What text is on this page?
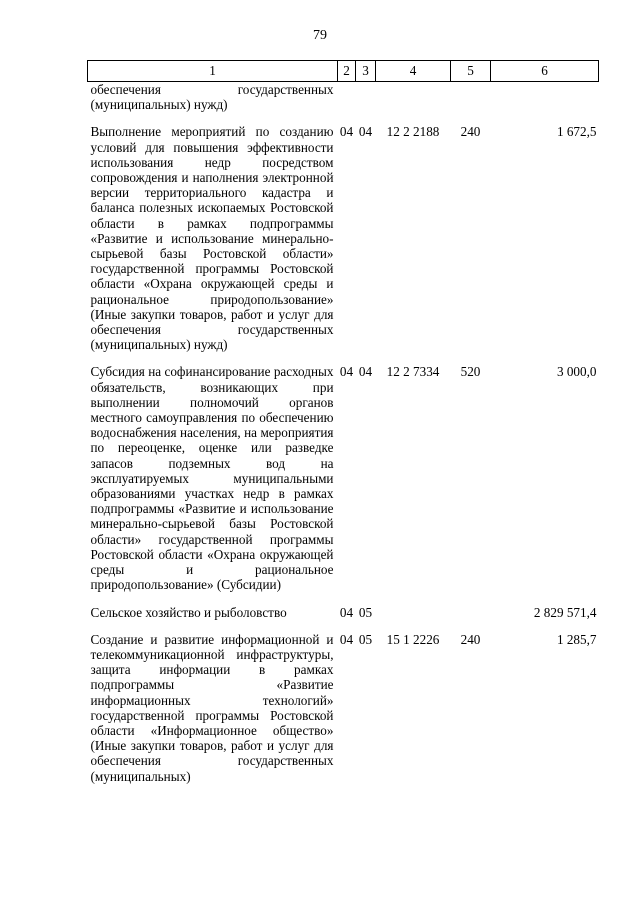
79
1	2	3	4	5	6
обеспечения государственных (муниципальных) нужд)					
Выполнение мероприятий по созданию условий для повышения эффективности использования недр посредством сопровождения и наполнения электронной версии территориального кадастра и баланса полезных ископаемых Ростовской области в рамках подпрограммы «Развитие и использование минерально-сырьевой базы Ростовской области» государственной программы Ростовской области «Охрана окружающей среды и рациональное природопользование» (Иные закупки товаров, работ и услуг для обеспечения государственных (муниципальных) нужд)	04	04	12 2 2188	240	1 672,5
Субсидия на софинансирование расходных обязательств, возникающих при выполнении полномочий органов местного самоуправления по обеспечению водоснабжения населения, на мероприятия по переоценке, оценке или разведке запасов подземных вод на эксплуатируемых муниципальными образованиями участках недр в рамках подпрограммы «Развитие и использование минерально-сырьевой базы Ростовской области» государственной программы Ростовской области «Охрана окружающей среды и рациональное природопользование» (Субсидии)	04	04	12 2 7334	520	3 000,0
Сельское хозяйство и рыболовство	04	05			2 829 571,4
Создание и развитие информационной и телекоммуникационной инфраструктуры, защита информации в рамках подпрограммы «Развитие информационных технологий» государственной программы Ростовской области «Информационное общество» (Иные закупки товаров, работ и услуг для обеспечения государственных (муниципальных)	04	05	15 1 2226	240	1 285,7
